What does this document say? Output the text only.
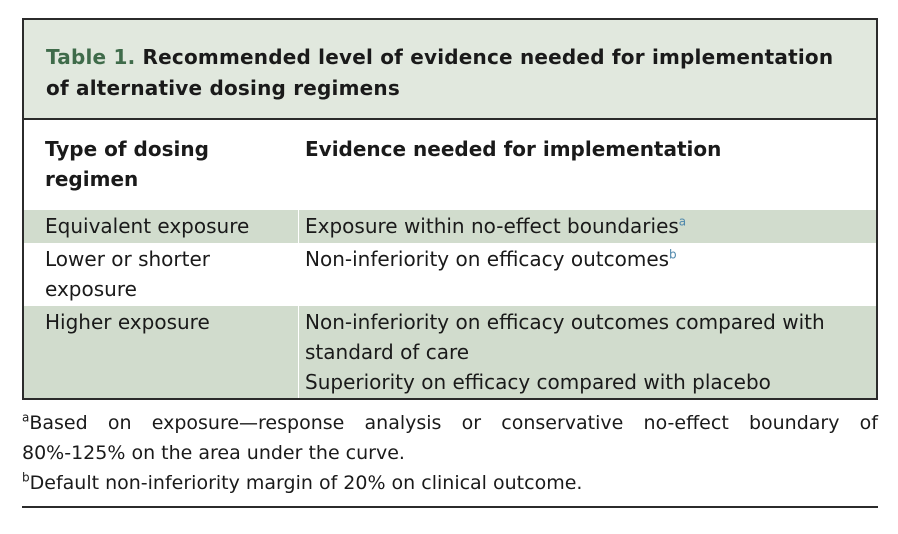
Table 1. Recommended level of evidence needed for implementation of alternative dosing regimens
Type of dosing regimen
Evidence needed for implementation
Equivalent exposure	Exposure within no-effect boundaries$^a$
Lower or shorter exposure
Non-inferiority on efficacy outcomes$^b$
Higher exposure	Non-inferiority on efficacy outcomes compared with standard of care
Superiority on efficacy compared with placebo
$^a$Based on exposure—response analysis or conservative no-effect boundary of
80%-125% on the area under the curve.
$^b$Default non-inferiority margin of 20% on clinical outcome.
